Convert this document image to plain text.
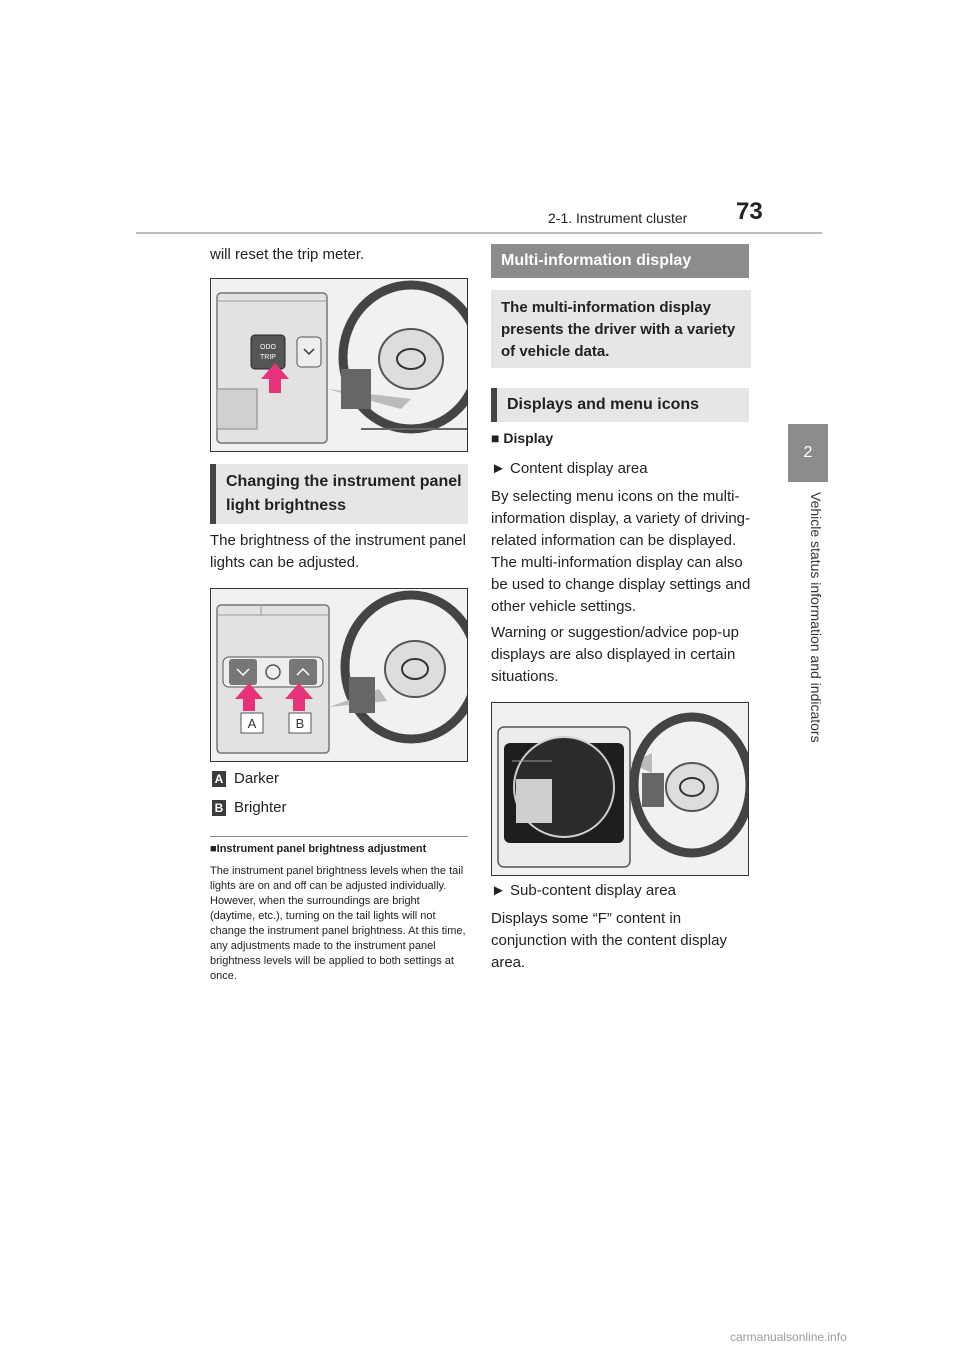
2-1. Instrument cluster 73
2
Vehicle status information and indicators
will reset the trip meter.
ODO
TRIP
Changing the instrument panel light brightness
The brightness of the instrument panel lights can be adjusted.
A	B
A Darker
B Brighter
■Instrument panel brightness adjustment
The instrument panel brightness levels when the tail lights are on and off can be adjusted individually. However, when the surroundings are bright (daytime, etc.), turning on the tail lights will not change the instrument panel brightness. At this time, any adjustments made to the instrument panel brightness levels will be applied to both settings at once.
Multi-information display
The multi-information display presents the driver with a variety of vehicle data.
Displays and menu icons
■ Display
► Content display area
By selecting menu icons on the multi-information display, a variety of driving-related information can be displayed. The multi-information display can also be used to change display settings and other vehicle settings.
Warning or suggestion/advice pop-up displays are also displayed in certain situations.
► Sub-content display area
Displays some “F” content in conjunction with the content display area.
carmanualsonline.info
